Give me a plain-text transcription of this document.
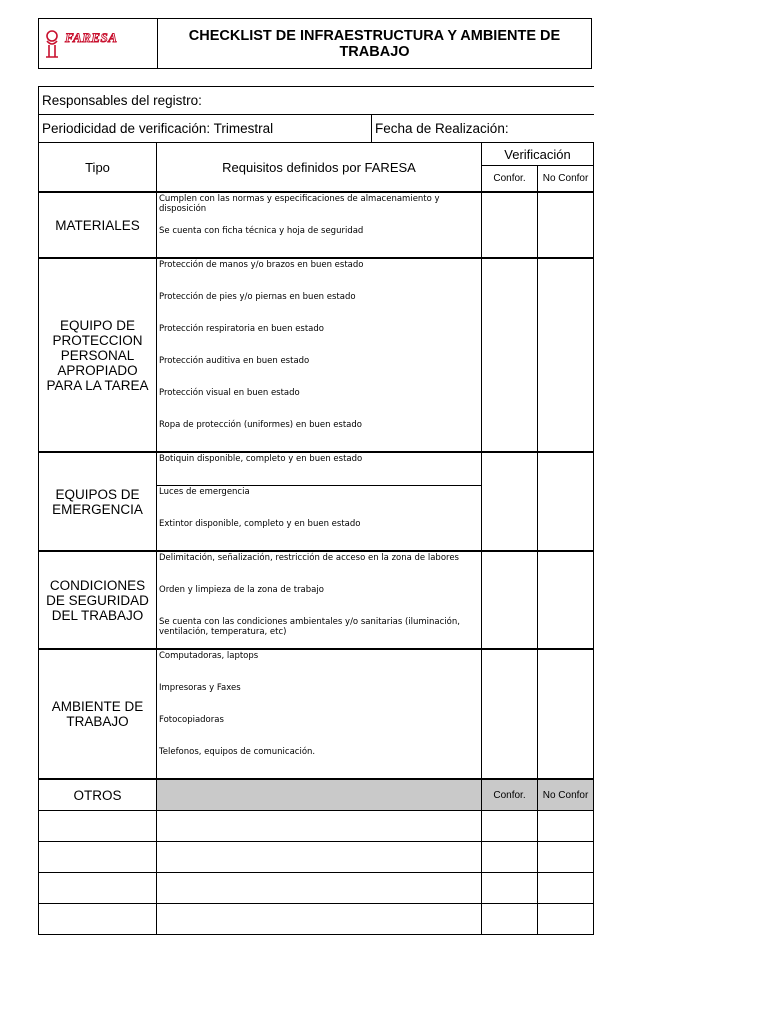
FARESA	CHECKLIST DE INFRAESTRUCTURA Y AMBIENTE DE TRABAJO
Responsables del registro:				
Periodicidad de verificación: Trimestral		Fecha de Realización:		
Tipo	Requisitos definidos por FARESA		Verificación	
			Confor.	No Confor
MATERIALES	Cumplen con las normas y especificaciones de almacenamiento y disposición			
	Se cuenta con ficha técnica y hoja de seguridad			
EQUIPO DE PROTECCION PERSONAL APROPIADO PARA LA TAREA	Protección de manos y/o brazos en buen estado			
	Protección de pies y/o piernas en buen estado			
	Protección respiratoria en buen estado			
	Protección auditiva en buen estado			
	Protección visual en buen estado			
	Ropa de protección (uniformes) en buen estado			
EQUIPOS DE EMERGENCIA	Botiquin disponible, completo y en buen estado			
	Luces de emergencia			
	Extintor disponible, completo y en buen estado			
CONDICIONES DE SEGURIDAD DEL TRABAJO	Delimitación, señalización, restricción de acceso en la zona de labores			
	Orden y limpieza de la zona de trabajo			
	Se cuenta con las condiciones ambientales y/o sanitarias (iluminación, ventilación, temperatura, etc)			
AMBIENTE DE TRABAJO	Computadoras, laptops			
	Impresoras y Faxes			
	Fotocopiadoras			
	Telefonos, equipos de comunicación.			
OTROS			Confor.	No Confor
